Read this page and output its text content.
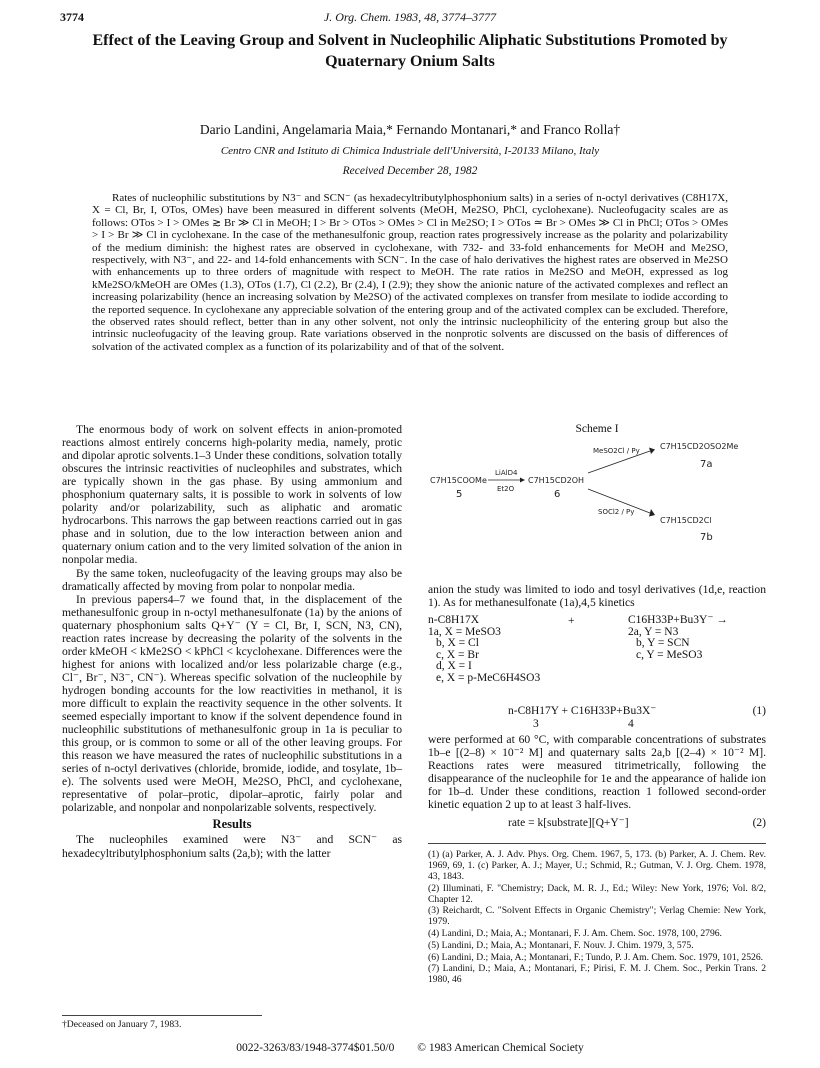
3774	J. Org. Chem. 1983, 48, 3774–3777
Effect of the Leaving Group and Solvent in Nucleophilic Aliphatic Substitutions Promoted by Quaternary Onium Salts
Dario Landini, Angelamaria Maia,* Fernando Montanari,* and Franco Rolla†
Centro CNR and Istituto di Chimica Industriale dell'Università, I-20133 Milano, Italy
Received December 28, 1982
Rates of nucleophilic substitutions by N3⁻ and SCN⁻ (as hexadecyltributylphosphonium salts) in a series of n-octyl derivatives (C8H17X, X = Cl, Br, I, OTos, OMes) have been measured in different solvents (MeOH, Me2SO, PhCl, cyclohexane). Nucleofugacity scales are as follows: OTos > I > OMes ≳ Br ≫ Cl in MeOH; I > Br > OTos > OMes > Cl in Me2SO; I > OTos ≃ Br > OMes ≫ Cl in PhCl; OTos > OMes > I > Br ≫ Cl in cyclohexane. In the case of the methanesulfonic group, reaction rates progressively increase as the polarity and polarizability of the medium diminish: the highest rates are observed in cyclohexane, with 732- and 33-fold enhancements for MeOH and Me2SO, respectively, with N3⁻, and 22- and 14-fold enhancements with SCN⁻. In the case of halo derivatives the highest rates are observed in Me2SO with enhancements up to three orders of magnitude with respect to MeOH. The rate ratios in Me2SO and MeOH, expressed as log kMe2SO/kMeOH are OMes (1.3), OTos (1.7), Cl (2.2), Br (2.4), I (2.9); they show the anionic nature of the activated complexes and reflect an increasing polarizability (hence an increasing solvation by Me2SO) of the activated complexes on transfer from mesilate to iodide according to the reported sequence. In cyclohexane any appreciable solvation of the entering group and of the activated complex can be excluded. Therefore, the observed rates should reflect, better than in any other solvent, not only the intrinsic nucleophilicity of the entering group but also the intrinsic nucleofugacity of the leaving group. Rate variations observed in the nonprotic solvents are discussed on the basis of differences of solvation of the activated complex as a function of its polarizability and of that of the solvent.

The enormous body of work on solvent effects in anion-promoted reactions almost entirely concerns high-polarity media, namely, protic and dipolar aprotic solvents.1–3 Under these conditions, solvation totally obscures the intrinsic reactivities of nucleophiles and substrates, which are typically shown in the gas phase. By using ammonium and phosphonium quaternary salts, it is possible to work in solvents of low polarity and/or polarizability, such as aliphatic and aromatic hydrocarbons. This narrows the gap between reactions carried out in gas phase and in solution, due to the low interaction between anion and quaternary onium cation and to the very limited solvation of the anion in nonpolar media.

By the same token, nucleofugacity of the leaving groups may also be dramatically affected by moving from polar to nonpolar media.

In previous papers4–7 we found that, in the displacement of the methanesulfonic group in n-octyl methanesulfonate (1a) by the anions of quaternary phosphonium salts Q+Y⁻ (Y = Cl, Br, I, SCN, N3, CN), reaction rates increase by decreasing the polarity of the solvents in the order kMeOH < kMe2SO < kPhCl < kcyclohexane. Differences were the highest for anions with localized and/or less polarizable charge (e.g., Cl⁻, Br⁻, N3⁻, CN⁻). Whereas specific solvation of the nucleophile by hydrogen bonding accounts for the low reactivities in methanol, it is more difficult to explain the reactivity sequence in the other solvents. It seemed especially important to know if the solvent dependence found in nucleophilic substitutions of methanesulfonic group in 1a is peculiar to this group, or is common to some or all of the other leaving groups. For this reason we have measured the rates of nucleophilic substitutions in a series of n-octyl derivatives (chloride, bromide, iodide, and tosylate, 1b–e). The solvents used were MeOH, Me2SO, PhCl, and cyclohexane, representative of polar–protic, dipolar–aprotic, fairly polar and polarizable, and nonpolar and nonpolarizable solvents, respectively.

Results

The nucleophiles examined were N3⁻ and SCN⁻ as hexadecyltributylphosphonium salts (2a,b); with the latter

Scheme I
C7H15COOMe
5
LiAlD4
Et2O
C7H15CD2OH
6
MeSO2Cl / Py
SOCl2 / Py
C7H15CD2OSO2Me
7a
C7H15CD2Cl
7b

anion the study was limited to iodo and tosyl derivatives (1d,e, reaction 1). As for methanesulfonate (1a),4,5 kinetics

n-C8H17X
1a, X = MeSO3
b, X = Cl
c, X = Br
d, X = I
e, X = p-MeC6H4SO3
+	C16H33P+Bu3Y⁻ →
2a, Y = N3
b, Y = SCN
c, Y = MeSO3
n-C8H17Y + C16H33P+Bu3X⁻	(1)
3	4

were performed at 60 °C, with comparable concentrations of substrates 1b–e [(2–8) × 10⁻² M] and quaternary salts 2a,b [(2–4) × 10⁻² M]. Reactions rates were measured titrimetrically, following the disappearance of the nucleophile for 1e and the appearance of halide ion for 1b–d. Under these conditions, reaction 1 followed second-order kinetic equation 2 up to at least 3 half-lives.

rate = k[substrate][Q+Y⁻]	(2)
(1) (a) Parker, A. J. Adv. Phys. Org. Chem. 1967, 5, 173. (b) Parker, A. J. Chem. Rev. 1969, 69, 1. (c) Parker, A. J.; Mayer, U.; Schmid, R.; Gutman, V. J. Org. Chem. 1978, 43, 1843.
(2) Illuminati, F. "Chemistry; Dack, M. R. J., Ed.; Wiley: New York, 1976; Vol. 8/2, Chapter 12.
(3) Reichardt, C. "Solvent Effects in Organic Chemistry"; Verlag Chemie: New York, 1979.
(4) Landini, D.; Maia, A.; Montanari, F. J. Am. Chem. Soc. 1978, 100, 2796.
(5) Landini, D.; Maia, A.; Montanari, F. Nouv. J. Chim. 1979, 3, 575.
(6) Landini, D.; Maia, A.; Montanari, F.; Tundo, P. J. Am. Chem. Soc. 1979, 101, 2526.
(7) Landini, D.; Maia, A.; Montanari, F.; Pirisi, F. M. J. Chem. Soc., Perkin Trans. 2 1980, 46
†Deceased on January 7, 1983.
0022-3263/83/1948-3774$01.50/0 © 1983 American Chemical Society
